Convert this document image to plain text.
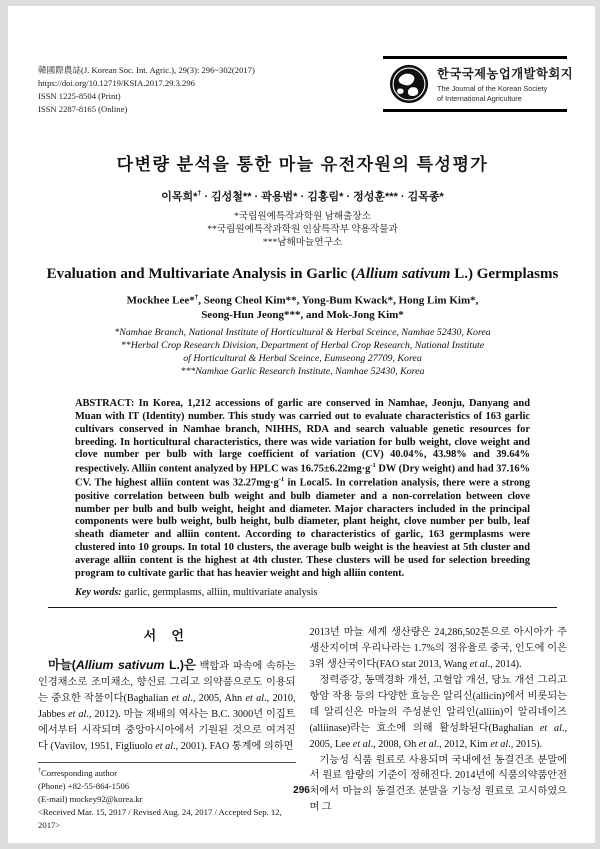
韓國際農誌(J. Korean Soc. Int. Agric.), 29(3): 296~302(2017)
https://doi.org/10.12719/KSIA.2017.29.3.296
ISSN 1225-8504 (Print)
ISSN 2287-8165 (Online)
한국국제농업개발학회지
The Journal of the Korean Society
of International Agriculture
다변량 분석을 통한 마늘 유전자원의 특성평가
이목희*† · 김성철** · 곽용범* · 김홍림* · 정성훈*** · 김목종*
*국립원예특작과학원 남해출장소
**국립원예특작과학원 인삼특작부 약용작물과
***남해마늘연구소
Evaluation and Multivariate Analysis in Garlic (Allium sativum L.) Germplasms
Mockhee Lee*†, Seong Cheol Kim**, Yong-Bum Kwack*, Hong Lim Kim*,
Seong-Hun Jeong***, and Mok-Jong Kim*
*Namhae Branch, National Institute of Horticultural & Herbal Sceince, Namhae 52430, Korea
**Herbal Crop Research Division, Department of Herbal Crop Research, National Institute
of Horticultural & Herbal Sceince, Eumseong 27709, Korea
***Namhae Garlic Research Institute, Namhae 52430, Korea
ABSTRACT: In Korea, 1,212 accessions of garlic are conserved in Namhae, Jeonju, Danyang and Muan with IT (Identity) number. This study was carried out to evaluate characteristics of 163 garlic cultivars conserved in Namhae branch, NIHHS, RDA and search valuable genetic resources for breeding. In horticultural characteristics, there was wide variation for bulb weight, clove weight and clove number per bulb with large coefficient of variation (CV) 40.04%, 43.98% and 39.64% respectively. Alliin content analyzed by HPLC was $16.75\pm 6.22mg\cdot g^{-1}$ DW (Dry weight) and had 37.16% CV. The highest alliin content was $32.27mg\cdot g^{-1}$ in Local5. In correlation analysis, there were a strong positive correlation between bulb weight and bulb diameter and a non-correlation between clove number per bulb and bulb weight, height and diameter. Major characters included in the principal components were bulb weight, bulb height, bulb diameter, plant height, clove number per bulb, leaf sheath diameter and alliin content. According to characteristics of garlic, 163 germplasms were clustered into 10 groups. In total 10 clusters, the average bulb weight is the heaviest at 5th cluster and average alliin content is the highest at 4th cluster. These clusters will be used for selection breeding program to cultivate garlic that has heavier weight and high alliin content.
Key words: garlic, germplasms, alliin, multivariate analysis
서 언

마늘(Allium sativum L.)은 백합과 파속에 속하는 인경채소로 조미채소, 향신료 그리고 의약품으로도 이용되는 중요한 작물이다(Baghalian et al., 2005, Ahn et al., 2010, Jabbes et al., 2012). 마늘 재배의 역사는 B.C. 3000년 이집트에서부터 시작되며 중앙아시아에서 기원된 것으로 여겨진다 (Vavilov, 1951, Figliuolo et al., 2001). FAO 통계에 의하면

†Corresponding author
(Phone) +82-55-864-1506
(E-mail) mockey92@korea.kr
<Received Mar. 15, 2017 / Revised Aug. 24, 2017 / Accepted Sep. 12, 2017>

2013년 마늘 세계 생산량은 24,286,502톤으로 아시아가 주 생산지이며 우리나라는 1.7%의 점유율로 중국, 인도에 이은 3위 생산국이다(FAO stat 2013, Wang et al., 2014).

정력증강, 동맥경화 개선, 고혈압 개선, 당뇨 개선 그리고 항암 작용 등의 다양한 효능은 알리신(allicin)에서 비롯되는데 알리신은 마늘의 주성분인 알리인(alliin)이 알리네이즈 (alliinase)라는 효소에 의해 활성화된다(Baghalian et al., 2005, Lee et al., 2008, Oh et al., 2012, Kim et al., 2015).

기능성 식품 원료로 사용되며 국내에선 동결건조 분말에서 원료 함량의 기준이 정해진다. 2014년에 식품의약품안전처에서 마늘의 동결건조 분말을 기능성 원료로 고시하였으며 그

296
